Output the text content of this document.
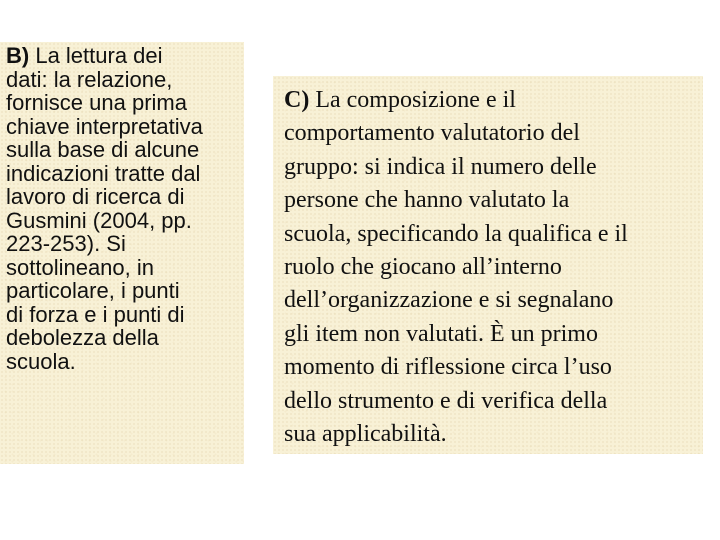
B) La lettura dei
dati: la relazione,
fornisce una prima
chiave interpretativa
sulla base di alcune
indicazioni tratte dal
lavoro di ricerca di
Gusmini (2004, pp.
223-253). Si
sottolineano, in
particolare, i punti
di forza e i punti di
debolezza della
scuola.
C) La composizione e il
comportamento valutatorio del
gruppo: si indica il numero delle
persone che hanno valutato la
scuola, specificando la qualifica e il
ruolo che giocano all’interno
dell’organizzazione e si segnalano
gli item non valutati. È un primo
momento di riflessione circa l’uso
dello strumento e di verifica della
sua applicabilità.
